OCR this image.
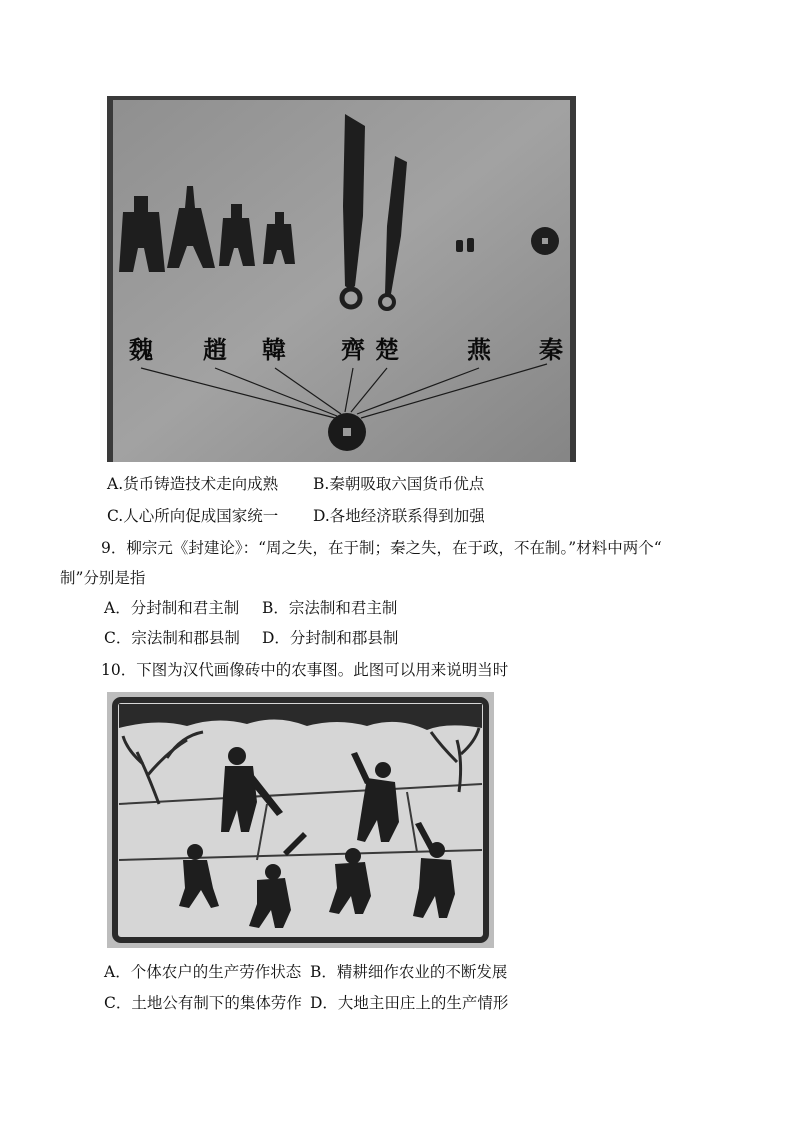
魏 趙 韓 齊 楚	燕 秦
A.货币铸造技术走向成熟 B.秦朝吸取六国货币优点
C.人心所向促成国家统一 D.各地经济联系得到加强
9．柳宗元《封建论》：“周之失，在于制；秦之失，在于政，不在制。”材料中两个“
制”分别是指
A．分封制和君主制 B．宗法制和君主制
C．宗法制和郡县制 D．分封制和郡县制
10．下图为汉代画像砖中的农事图。此图可以用来说明当时
A．个体农户的生产劳作状态 B．精耕细作农业的不断发展
C．土地公有制下的集体劳作 D．大地主田庄上的生产情形
